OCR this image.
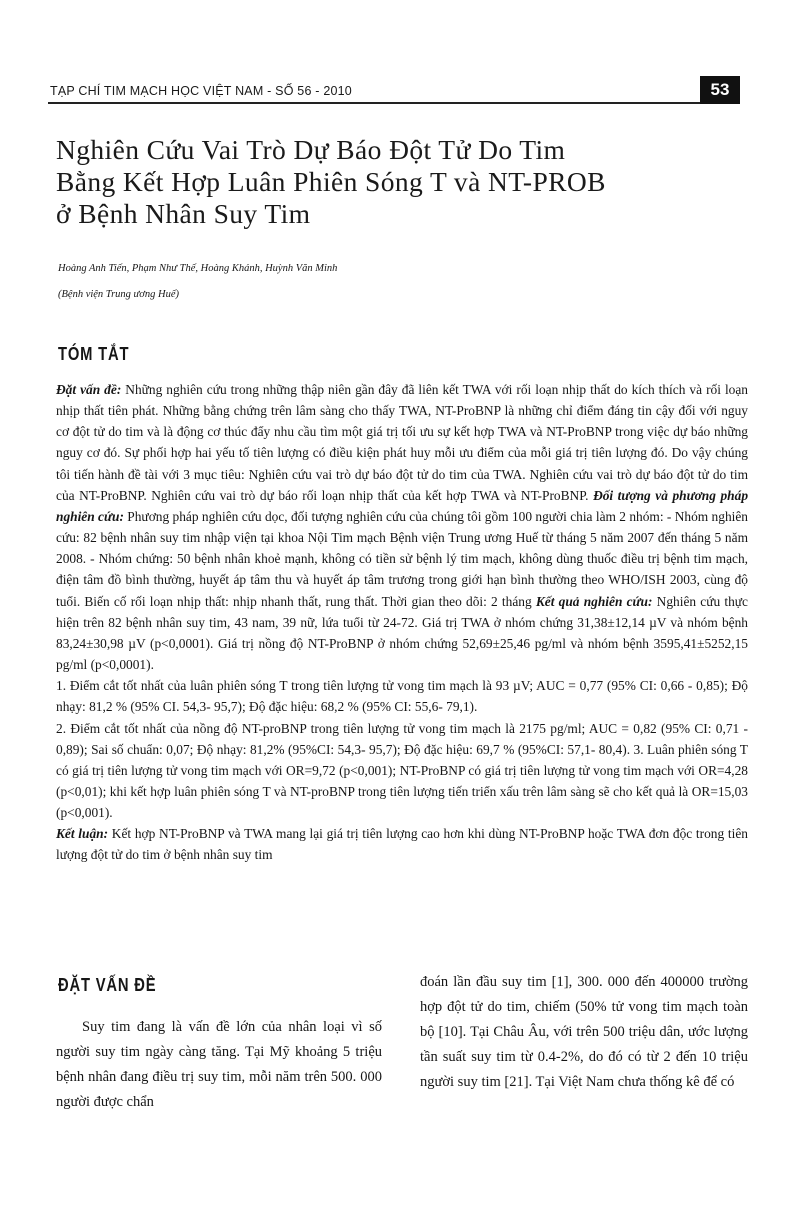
TẠP CHÍ TIM MẠCH HỌC VIỆT NAM - SỐ 56 - 2010	53
Nghiên Cứu Vai Trò Dự Báo Đột Tử Do Tim
Bằng Kết Hợp Luân Phiên Sóng T và NT-PROB
ở Bệnh Nhân Suy Tim
Hoàng Anh Tiến, Phạm Như Thế, Hoàng Khánh, Huỳnh Văn Minh
(Bệnh viện Trung ương Huế)
TÓM TẮT

Đặt vấn đề: Những nghiên cứu trong những thập niên gần đây đã liên kết TWA với rối loạn nhịp thất do kích thích và rối loạn nhịp thất tiên phát. Những bằng chứng trên lâm sàng cho thấy TWA, NT-ProBNP là những chỉ điểm đáng tin cậy đối với nguy cơ đột tử do tim và là động cơ thúc đẩy nhu cầu tìm một giá trị tối ưu sự kết hợp TWA và NT-ProBNP trong việc dự báo những nguy cơ đó. Sự phối hợp hai yếu tố tiên lượng có điều kiện phát huy mỗi ưu điểm của mỗi giá trị tiên lượng đó. Do vậy chúng tôi tiến hành đề tài với 3 mục tiêu: Nghiên cứu vai trò dự báo đột tử do tim của TWA. Nghiên cứu vai trò dự báo đột tử do tim của NT-ProBNP. Nghiên cứu vai trò dự báo rối loạn nhịp thất của kết hợp TWA và NT-ProBNP. Đối tượng và phương pháp nghiên cứu: Phương pháp nghiên cứu dọc, đối tượng nghiên cứu của chúng tôi gồm 100 người chia làm 2 nhóm: - Nhóm nghiên cứu: 82 bệnh nhân suy tim nhập viện tại khoa Nội Tim mạch Bệnh viện Trung ương Huế từ tháng 5 năm 2007 đến tháng 5 năm 2008. - Nhóm chứng: 50 bệnh nhân khoẻ mạnh, không có tiền sử bệnh lý tim mạch, không dùng thuốc điều trị bệnh tim mạch, điện tâm đồ bình thường, huyết áp tâm thu và huyết áp tâm trương trong giới hạn bình thường theo WHO/ISH 2003, cùng độ tuổi. Biến cố rối loạn nhịp thất: nhịp nhanh thất, rung thất. Thời gian theo dõi: 2 tháng Kết quả nghiên cứu: Nghiên cứu thực hiện trên 82 bệnh nhân suy tim, 43 nam, 39 nữ, lứa tuổi từ 24-72. Giá trị TWA ở nhóm chứng 31,38±12,14 µV và nhóm bệnh 83,24±30,98 µV (p<0,0001). Giá trị nồng độ NT-ProBNP ở nhóm chứng 52,69±25,46 pg/ml và nhóm bệnh 3595,41±5252,15 pg/ml (p<0,0001).

1. Điểm cắt tốt nhất của luân phiên sóng T trong tiên lượng tử vong tim mạch là 93 µV; AUC = 0,77 (95% CI: 0,66 - 0,85); Độ nhạy: 81,2 % (95% CI. 54,3- 95,7); Độ đặc hiệu: 68,2 % (95% CI: 55,6- 79,1).

2. Điểm cắt tốt nhất của nồng độ NT-proBNP trong tiên lượng tử vong tim mạch là 2175 pg/ml; AUC = 0,82 (95% CI: 0,71 - 0,89); Sai số chuẩn: 0,07; Độ nhạy: 81,2% (95%CI: 54,3- 95,7); Độ đặc hiệu: 69,7 % (95%CI: 57,1- 80,4). 3. Luân phiên sóng T có giá trị tiên lượng tử vong tim mạch với OR=9,72 (p<0,001); NT-ProBNP có giá trị tiên lượng tử vong tim mạch với OR=4,28 (p<0,01); khi kết hợp luân phiên sóng T và NT-proBNP trong tiên lượng tiến triển xấu trên lâm sàng sẽ cho kết quả là OR=15,03 (p<0,001).

Kết luận: Kết hợp NT-ProBNP và TWA mang lại giá trị tiên lượng cao hơn khi dùng NT-ProBNP hoặc TWA đơn độc trong tiên lượng đột tử do tim ở bệnh nhân suy tim

ĐẶT VẤN ĐỀ

Suy tim đang là vấn đề lớn của nhân loại vì số người suy tim ngày càng tăng. Tại Mỹ khoảng 5 triệu bệnh nhân đang điều trị suy tim, mỗi năm trên 500. 000 người được chẩn

đoán lần đầu suy tim [1], 300. 000 đến 400000 trường hợp đột tử do tim, chiếm (50% tử vong tim mạch toàn bộ [10]. Tại Châu Âu, với trên 500 triệu dân, ước lượng tần suất suy tim từ 0.4-2%, do đó có từ 2 đến 10 triệu người suy tim [21]. Tại Việt Nam chưa thống kê để có
